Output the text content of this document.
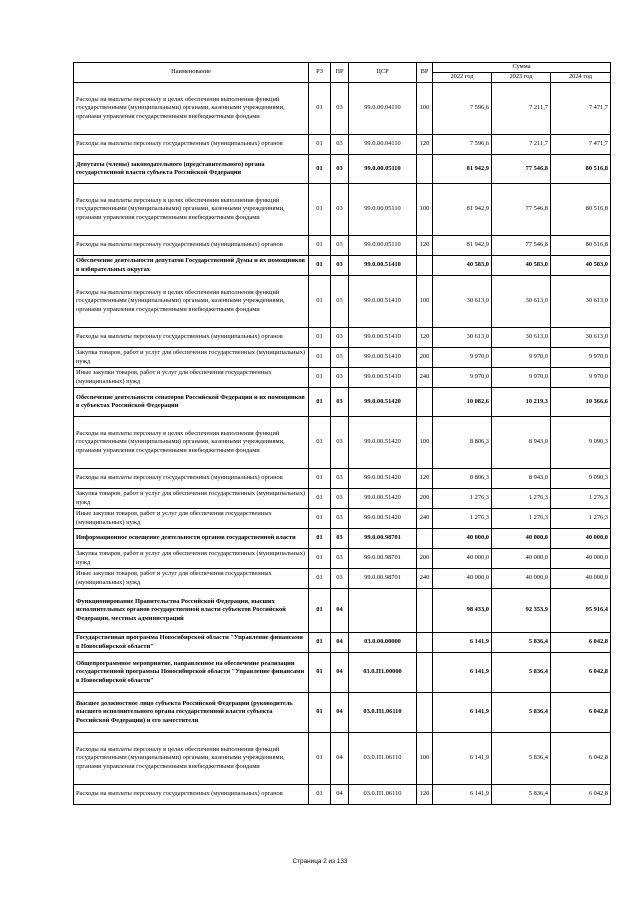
Наименование	РЗ	ПР	ЦСР	ВР	Сумма		
					2022 год	2023 год	2024 год
Расходы на выплаты персоналу в целях обеспечения выполнения функций государственными (муниципальными) органами, казенными учреждениями, органами управления государственными внебюджетными фондами	01	03	99.0.00.04110	100	7 596,6	7 211,7	7 471,7
Расходы на выплаты персоналу государственных (муниципальных) органов	01	03	99.0.00.04110	120	7 596,6	7 211,7	7 471,7
Депутаты (члены) законодательного (представительного) органа государственной власти субъекта Российской Федерации	01	03	99.0.00.05110		81 942,9	77 546,8	80 516,8
Расходы на выплаты персоналу в целях обеспечения выполнения функций государственными (муниципальными) органами, казенными учреждениями, органами управления государственными внебюджетными фондами	01	03	99.0.00.05110	100	81 942,9	77 546,8	80 516,8
Расходы на выплаты персоналу государственных (муниципальных) органов	01	03	99.0.00.05110	120	81 942,9	77 546,8	80 516,8
Обеспечение деятельности депутатов Государственной Думы и их помощников в избирательных округах	01	03	99.0.00.51410		40 583,0	40 583,0	40 583,0
Расходы на выплаты персоналу в целях обеспечения выполнения функций государственными (муниципальными) органами, казенными учреждениями, органами управления государственными внебюджетными фондами	01	03	99.0.00.51410	100	30 613,0	30 613,0	30 613,0
Расходы на выплаты персоналу государственных (муниципальных) органов	01	03	99.0.00.51410	120	30 613,0	30 613,0	30 613,0
Закупка товаров, работ и услуг для обеспечения государственных (муниципальных) нужд	01	03	99.0.00.51410	200	9 970,0	9 970,0	9 970,0
Иные закупки товаров, работ и услуг для обеспечения государственных (муниципальных) нужд	01	03	99.0.00.51410	240	9 970,0	9 970,0	9 970,0
Обеспечение деятельности сенаторов Российской Федерации и их помощников в субъектах Российской Федерации	01	03	99.0.00.51420		10 082,6	10 219,3	10 366,6
Расходы на выплаты персоналу в целях обеспечения выполнения функций государственными (муниципальными) органами, казенными учреждениями, органами управления государственными внебюджетными фондами	01	03	99.0.00.51420	100	8 806,3	8 943,0	9 090,3
Расходы на выплаты персоналу государственных (муниципальных) органов	01	03	99.0.00.51420	120	8 806,3	8 943,0	9 090,3
Закупка товаров, работ и услуг для обеспечения государственных (муниципальных) нужд	01	03	99.0.00.51420	200	1 276,3	1 276,3	1 276,3
Иные закупки товаров, работ и услуг для обеспечения государственных (муниципальных) нужд	01	03	99.0.00.51420	240	1 276,3	1 276,3	1 276,3
Информационное освещение деятельности органов государственной власти	01	03	99.0.00.98701		40 000,0	40 000,0	40 000,0
Закупка товаров, работ и услуг для обеспечения государственных (муниципальных) нужд	01	03	99.0.00.98701	200	40 000,0	40 000,0	40 000,0
Иные закупки товаров, работ и услуг для обеспечения государственных (муниципальных) нужд	01	03	99.0.00.98701	240	40 000,0	40 000,0	40 000,0
Функционирование Правительства Российской Федерации, высших исполнительных органов государственной власти субъектов Российской Федерации, местных администраций	01	04			98 433,0	92 353,9	95 916,4
Государственная программа Новосибирской области "Управление финансами в Новосибирской области"	01	04	03.0.00.00000		6 141,9	5 836,4	6 042,8
Общепрограммное мероприятие, направленное на обеспечение реализации государственной программы Новосибирской области "Управление финансами в Новосибирской области"	01	04	03.0.П1.00000		6 141,9	5 836,4	6 042,8
Высшее должностное лицо субъекта Российской Федерации (руководитель высшего исполнительного органа государственной власти субъекта Российской Федерации) и его заместители	01	04	03.0.П1.06110		6 141,9	5 836,4	6 042,8
Расходы на выплаты персоналу в целях обеспечения выполнения функций государственными (муниципальными) органами, казенными учреждениями, органами управления государственными внебюджетными фондами	01	04	03.0.П1.06110	100	6 141,9	5 836,4	6 042,8
Расходы на выплаты персоналу государственных (муниципальных) органов	01	04	03.0.П1.06110	120	6 141,9	5 836,4	6 042,8
Страница 2 из 133
